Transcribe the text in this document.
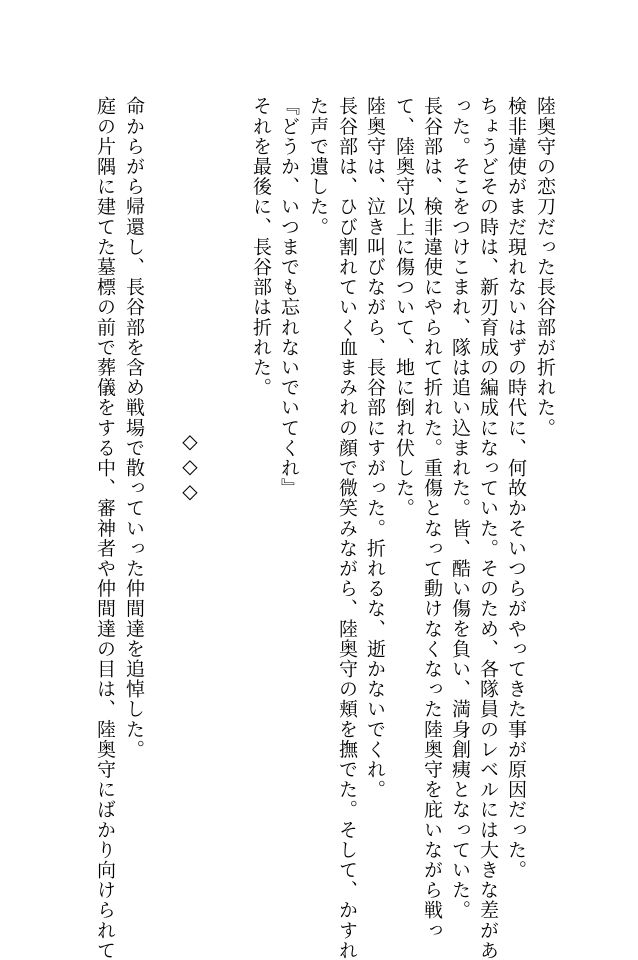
陸奥守の恋刀だった長谷部が折れた。

検非違使がまだ現れないはずの時代に、何故かそいつらがやってきた事が原因だった。

ちょうどその時は、新刃育成の編成になっていた。そのため、各隊員のレベルには大きな差があ

った。そこをつけこまれ、隊は追い込まれた。皆、酷い傷を負い、満身創痍となっていた。

長谷部は、検非違使にやられて折れた。重傷となって動けなくなった陸奥守を庇いながら戦っ

て、陸奥守以上に傷ついて、地に倒れ伏した。

陸奥守は、泣き叫びながら、長谷部にすがった。折れるな、逝かないでくれ。

長谷部は、ひび割れていく血まみれの顔で微笑みながら、陸奥守の頬を撫でた。そして、かすれ

た声で遺した。

『どうか、いつまでも忘れないでいてくれ』

それを最後に、長谷部は折れた。

◇◇◇

命からがら帰還し、長谷部を含め戦場で散っていった仲間達を追悼した。

庭の片隅に建てた墓標の前で葬儀をする中、審神者や仲間達の目は、陸奥守にばかり向けられて
